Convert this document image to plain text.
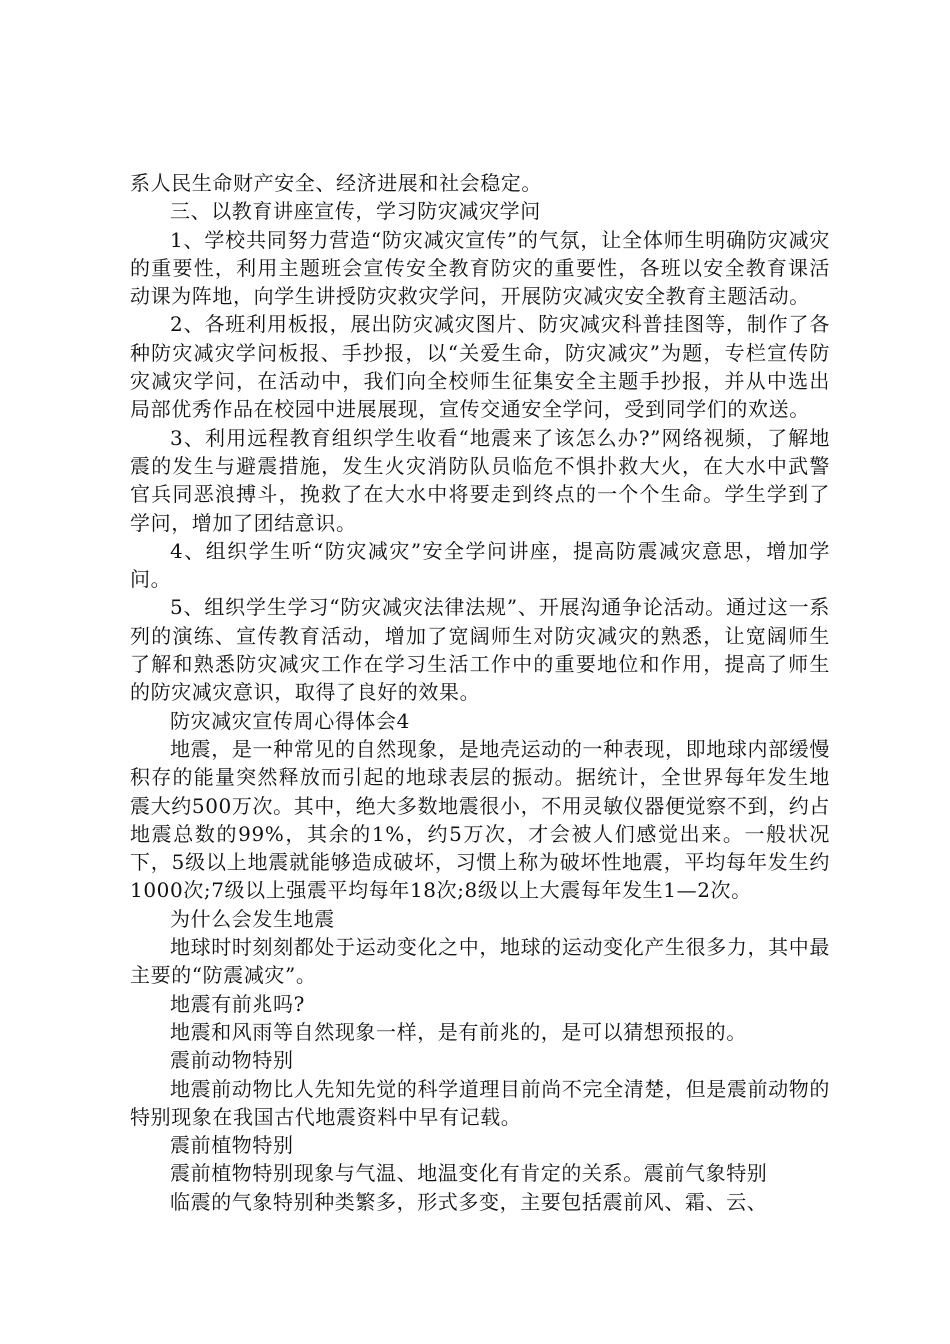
系人民生命财产安全、经济进展和社会稳定。

三、以教育讲座宣传，学习防灾减灾学问

1、学校共同努力营造“防灾减灾宣传”的气氛，让全体师生明确防灾减灾的重要性，利用主题班会宣传安全教育防灾的重要性，各班以安全教育课活动课为阵地，向学生讲授防灾救灾学问，开展防灾减灾安全教育主题活动。

2、各班利用板报，展出防灾减灾图片、防灾减灾科普挂图等，制作了各种防灾减灾学问板报、手抄报，以“关爱生命，防灾减灾”为题，专栏宣传防灾减灾学问，在活动中，我们向全校师生征集安全主题手抄报，并从中选出局部优秀作品在校园中进展展现，宣传交通安全学问，受到同学们的欢送。

3、利用远程教育组织学生收看“地震来了该怎么办?”网络视频，了解地震的发生与避震措施，发生火灾消防队员临危不惧扑救大火，在大水中武警官兵同恶浪搏斗，挽救了在大水中将要走到终点的一个个生命。学生学到了学问，增加了团结意识。

4、组织学生听“防灾减灾”安全学问讲座，提高防震减灾意思，增加学问。

5、组织学生学习“防灾减灾法律法规”、开展沟通争论活动。通过这一系列的演练、宣传教育活动，增加了宽阔师生对防灾减灾的熟悉，让宽阔师生了解和熟悉防灾减灾工作在学习生活工作中的重要地位和作用，提高了师生的防灾减灾意识，取得了良好的效果。

防灾减灾宣传周心得体会4

地震，是一种常见的自然现象，是地壳运动的一种表现，即地球内部缓慢积存的能量突然释放而引起的地球表层的振动。据统计，全世界每年发生地震大约500万次。其中，绝大多数地震很小，不用灵敏仪器便觉察不到，约占地震总数的99%，其余的1%，约5万次，才会被人们感觉出来。一般状况下，5级以上地震就能够造成破坏，习惯上称为破坏性地震，平均每年发生约1000次;7级以上强震平均每年18次;8级以上大震每年发生1—2次。

为什么会发生地震

地球时时刻刻都处于运动变化之中，地球的运动变化产生很多力，其中最主要的“防震减灾”。

地震有前兆吗?

地震和风雨等自然现象一样，是有前兆的，是可以猜想预报的。

震前动物特别

地震前动物比人先知先觉的科学道理目前尚不完全清楚，但是震前动物的特别现象在我国古代地震资料中早有记载。

震前植物特别

震前植物特别现象与气温、地温变化有肯定的关系。震前气象特别

临震的气象特别种类繁多，形式多变，主要包括震前风、霜、云、
